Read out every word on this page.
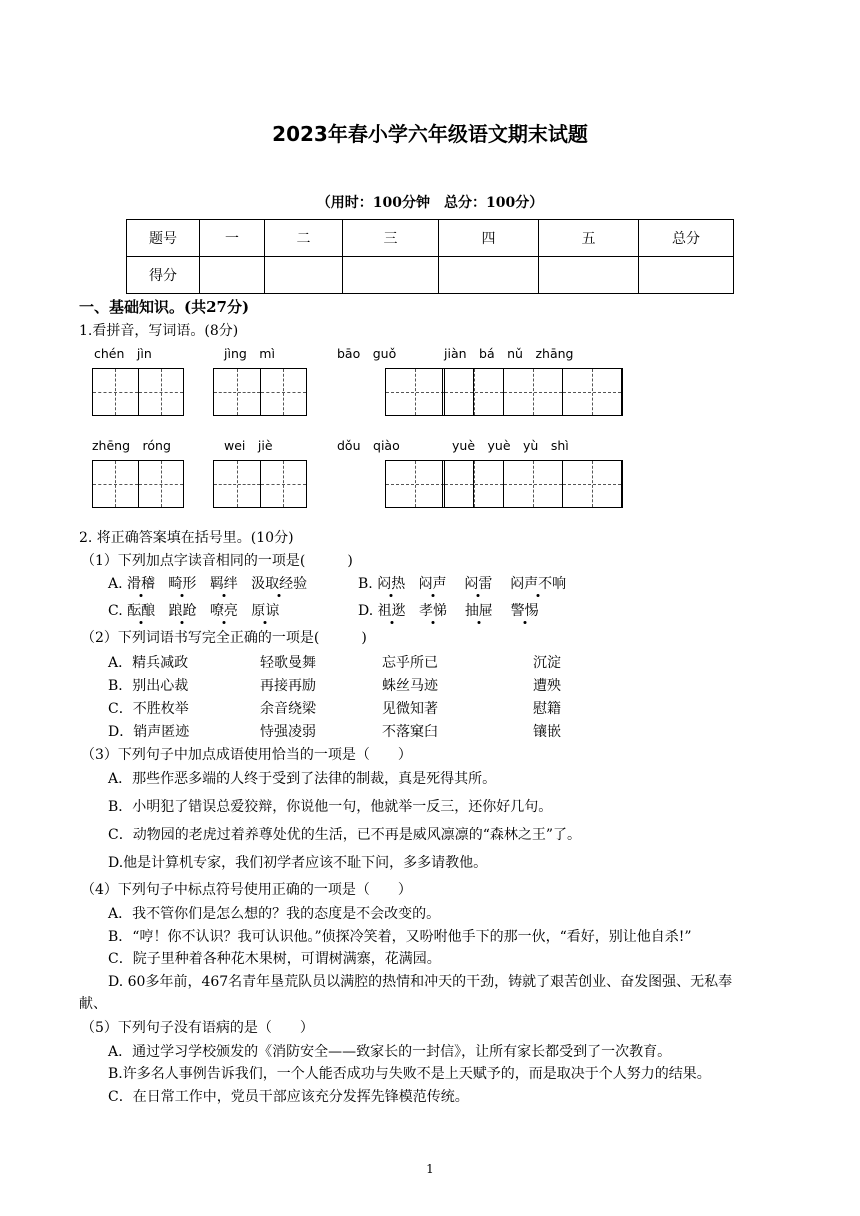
2023年春小学六年级语文期末试题
（用时：100分钟　总分：100分）
题号	一	二	三	四	五	总分
得分						
一、基础知识。(共27分)
1.看拼音，写词语。(8分)
chén　jìn	jìng　mì	bāo　guǒ	jiàn　bá　nǔ　zhāng
zhēng　róng	wei　jiè	dǒu　qiào	yuè　yuè　yù　shì
2. 将正确答案填在括号里。(10分)
（1）下列加点字读音相同的一项是(　　　)
A. 滑稽 畸形 羁绊 汲取经验	B. 闷热 闷声 闷雷 闷声不响
C. 酝酿 踉跄 嘹亮 原谅	D. 祖逖 孝悌 抽屉 警惕
（2）下列词语书写完全正确的一项是(　　　)
A．精兵减政	轻歌曼舞	忘乎所已	沉淀
B．别出心裁	再接再励	蛛丝马迹	遭殃
C．不胜枚举	余音绕梁	见微知著	慰籍
D．销声匿迹	恃强凌弱	不落窠臼	镶嵌
（3）下列句子中加点成语使用恰当的一项是（　　）
A．那些作恶多端的人终于受到了法律的制裁，真是死得其所。
B．小明犯了错误总爱狡辩，你说他一句，他就举一反三，还你好几句。
C．动物园的老虎过着养尊处优的生活，已不再是威风凛凛的“森林之王”了。
D.他是计算机专家，我们初学者应该不耻下问，多多请教他。
（4）下列句子中标点符号使用正确的一项是（　　）
A．我不管你们是怎么想的？我的态度是不会改变的。
B．“哼！你不认识？我可认识他。”侦探冷笑着，又吩咐他手下的那一伙，“看好，别让他自杀!”
C．院子里种着各种花木果树，可谓树满寨，花满园。
D. 60多年前，467名青年垦荒队员以满腔的热情和冲天的干劲，铸就了艰苦创业、奋发图强、无私奉
献、
（5）下列句子没有语病的是（　　）
A．通过学习学校颁发的《消防安全——致家长的一封信》，让所有家长都受到了一次教育。
B.许多名人事例告诉我们，一个人能否成功与失败不是上天赋予的，而是取决于个人努力的结果。
C．在日常工作中，党员干部应该充分发挥先锋模范传统。
1
